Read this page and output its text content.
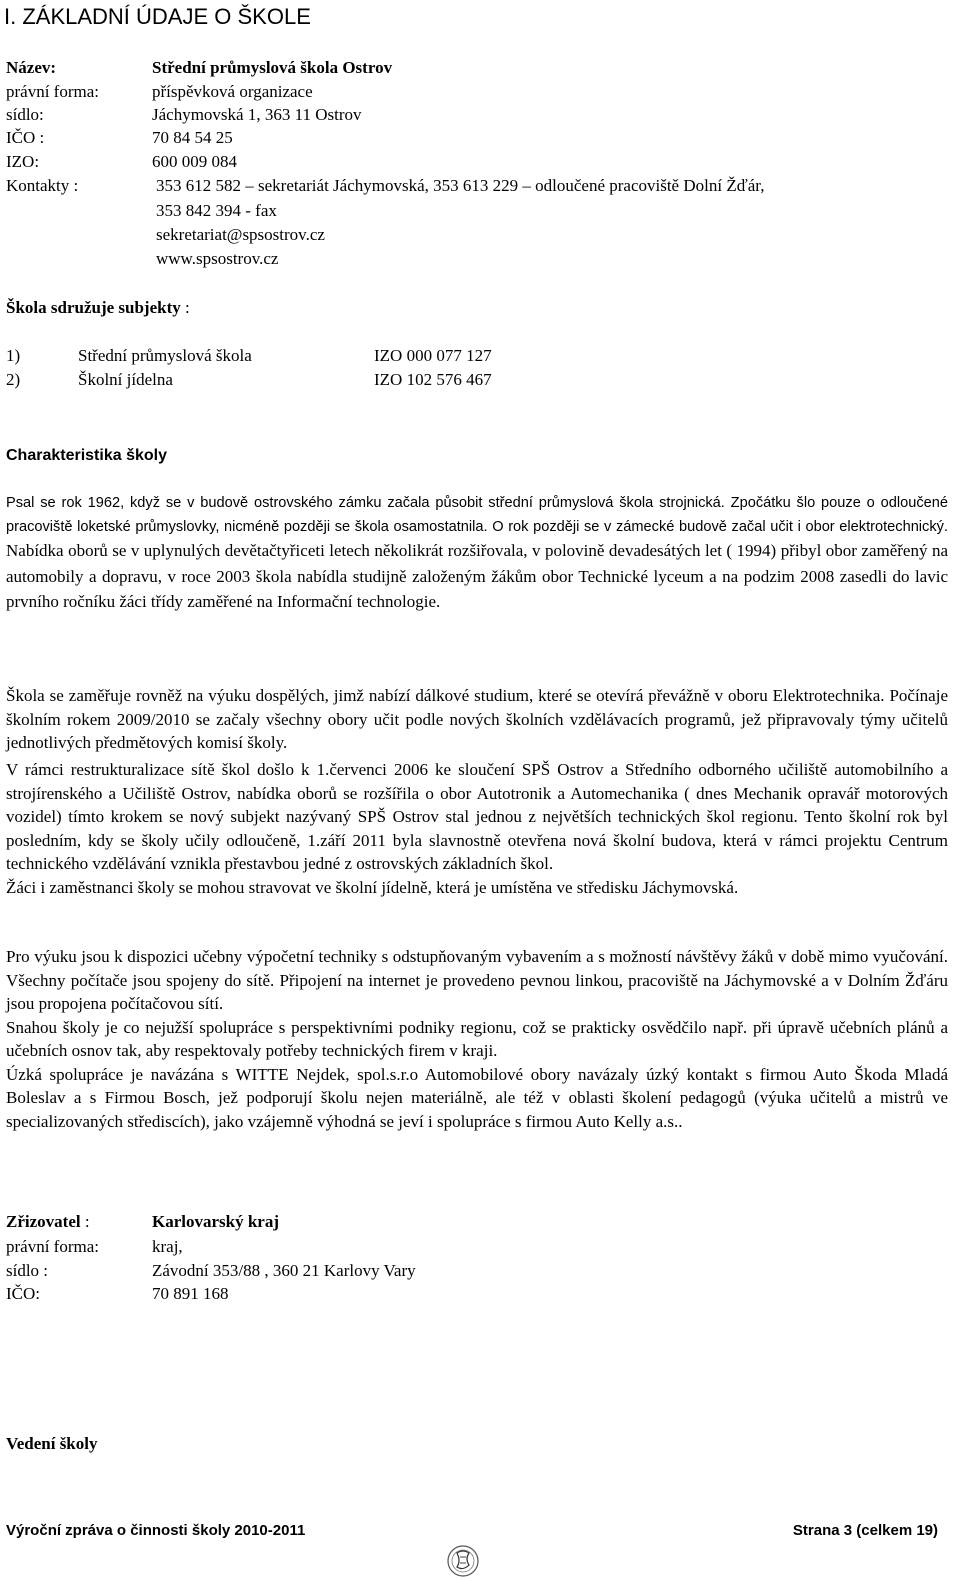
I. ZÁKLADNÍ ÚDAJE O ŠKOLE
Název:	Střední průmyslová škola Ostrov
právní forma:	příspěvková organizace
sídlo:	Jáchymovská 1, 363 11 Ostrov
IČO :	70 84 54 25
IZO:	600 009 084
Kontakty :	353 612 582 – sekretariát Jáchymovská, 353 613 229 – odloučené pracoviště Dolní Žďár,
353 842 394 - fax
sekretariat@spsostrov.cz
www.spsostrov.cz
Škola sdružuje subjekty :
1)	Střední průmyslová škola	IZO 000 077 127
2)	Školní jídelna	IZO 102 576 467
Charakteristika školy

Psal se rok 1962, když se v budově ostrovského zámku začala působit střední průmyslová škola strojnická. Zpočátku šlo pouze o odloučené pracoviště loketské průmyslovky, nicméně později se škola osamostatnila. O rok později se v zámecké budově začal učit i obor elektrotechnický. Nabídka oborů se v uplynulých devětačtyřiceti letech několikrát rozšiřovala, v polovině devadesátých let ( 1994) přibyl obor zaměřený na automobily a dopravu, v roce 2003 škola nabídla studijně založeným žákům obor Technické lyceum a na podzim 2008 zasedli do lavic prvního ročníku žáci třídy zaměřené na Informační technologie.

Škola se zaměřuje rovněž na výuku dospělých, jimž nabízí dálkové studium, které se otevírá převážně v oboru Elektrotechnika. Počínaje školním rokem 2009/2010 se začaly všechny obory učit podle nových školních vzdělávacích programů, jež připravovaly týmy učitelů jednotlivých předmětových komisí školy.

V rámci restrukturalizace sítě škol došlo k 1.červenci 2006 ke sloučení SPŠ Ostrov a Středního odborného učiliště automobilního a strojírenského a Učiliště Ostrov, nabídka oborů se rozšířila o obor Autotronik a Automechanika ( dnes Mechanik opravář motorových vozidel) tímto krokem se nový subjekt nazývaný SPŠ Ostrov stal jednou z největších technických škol regionu. Tento školní rok byl posledním, kdy se školy učily odloučeně, 1.září 2011 byla slavnostně otevřena nová školní budova, která v rámci projektu Centrum technického vzdělávání vznikla přestavbou jedné z ostrovských základních škol.

Žáci i zaměstnanci školy se mohou stravovat ve školní jídelně, která je umístěna ve středisku Jáchymovská.

Pro výuku jsou k dispozici učebny výpočetní techniky s odstupňovaným vybavením a s možností návštěvy žáků v době mimo vyučování. Všechny počítače jsou spojeny do sítě. Připojení na internet je provedeno pevnou linkou, pracoviště na Jáchymovské a v Dolním Žďáru jsou propojena počítačovou sítí.

Snahou školy je co nejužší spolupráce s perspektivními podniky regionu, což se prakticky osvědčilo např. při úpravě učebních plánů a učebních osnov tak, aby respektovaly potřeby technických firem v kraji.

Úzká spolupráce je navázána s WITTE Nejdek, spol.s.r.o Automobilové obory navázaly úzký kontakt s firmou Auto Škoda Mladá Boleslav a s Firmou Bosch, jež podporují školu nejen materiálně, ale též v oblasti školení pedagogů (výuka učitelů a mistrů ve specializovaných střediscích), jako vzájemně výhodná se jeví i spolupráce s firmou Auto Kelly a.s..

Zřizovatel :	Karlovarský kraj
právní forma:	kraj,
sídlo :	Závodní 353/88 , 360 21 Karlovy Vary
IČO:	70 891 168
Vedení školy
Výroční zpráva o činnosti školy 2010-2011	Strana 3 (celkem 19)
